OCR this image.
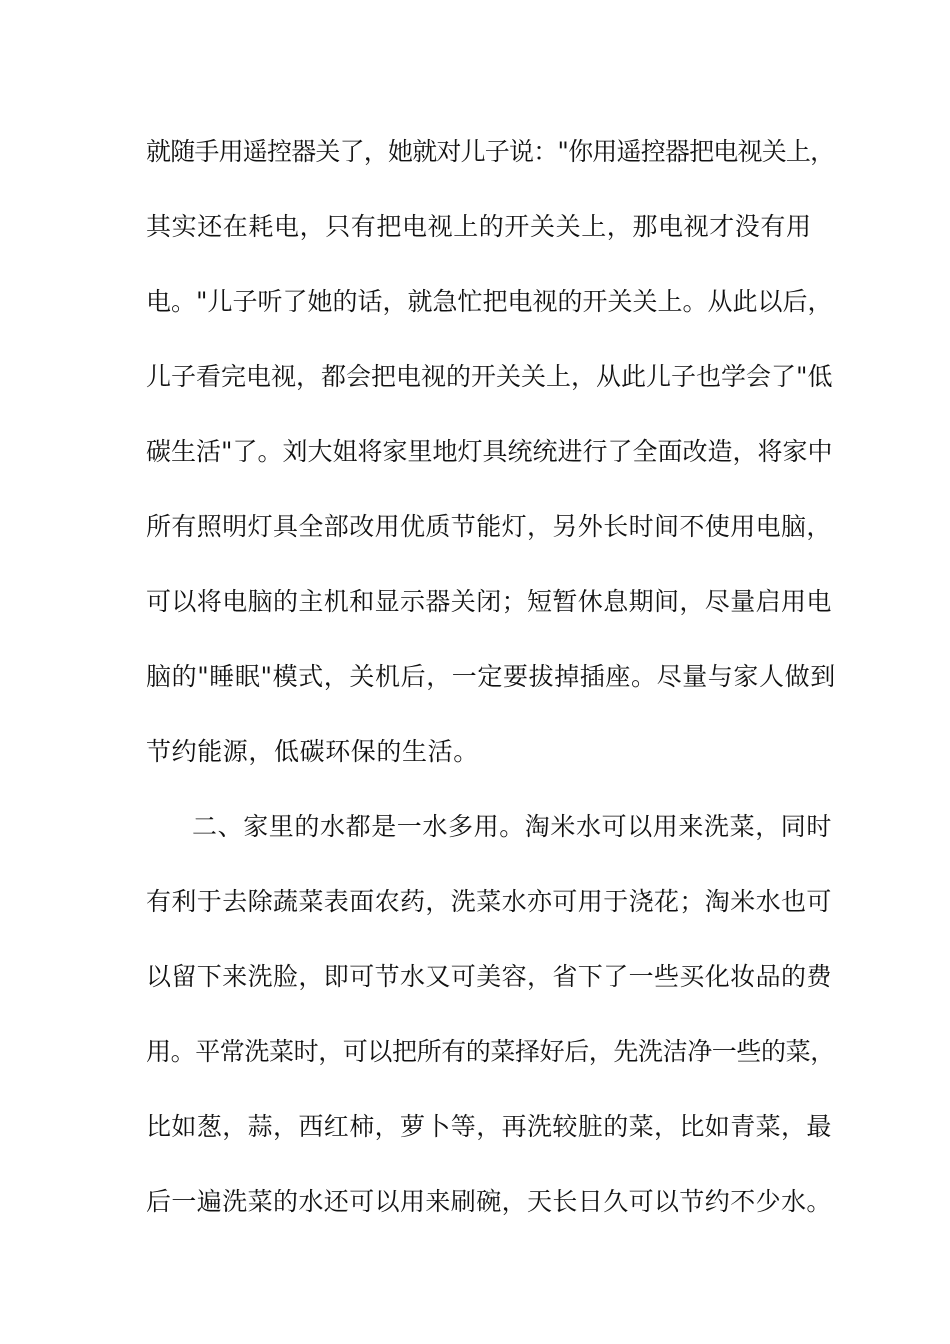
就随手用遥控器关了，她就对儿子说："你用遥控器把电视关上，
其实还在耗电，只有把电视上的开关关上，那电视才没有用
电。"儿子听了她的话，就急忙把电视的开关关上。从此以后，
儿子看完电视，都会把电视的开关关上，从此儿子也学会了"低
碳生活"了。刘大姐将家里地灯具统统进行了全面改造，将家中
所有照明灯具全部改用优质节能灯，另外长时间不使用电脑，
可以将电脑的主机和显示器关闭；短暂休息期间，尽量启用电
脑的"睡眠"模式，关机后，一定要拔掉插座。尽量与家人做到
节约能源，低碳环保的生活。
二、家里的水都是一水多用。淘米水可以用来洗菜，同时
有利于去除蔬菜表面农药，洗菜水亦可用于浇花；淘米水也可
以留下来洗脸，即可节水又可美容，省下了一些买化妆品的费
用。平常洗菜时，可以把所有的菜择好后，先洗洁净一些的菜，
比如葱，蒜，西红柿，萝卜等，再洗较脏的菜，比如青菜，最
后一遍洗菜的水还可以用来刷碗，天长日久可以节约不少水。
